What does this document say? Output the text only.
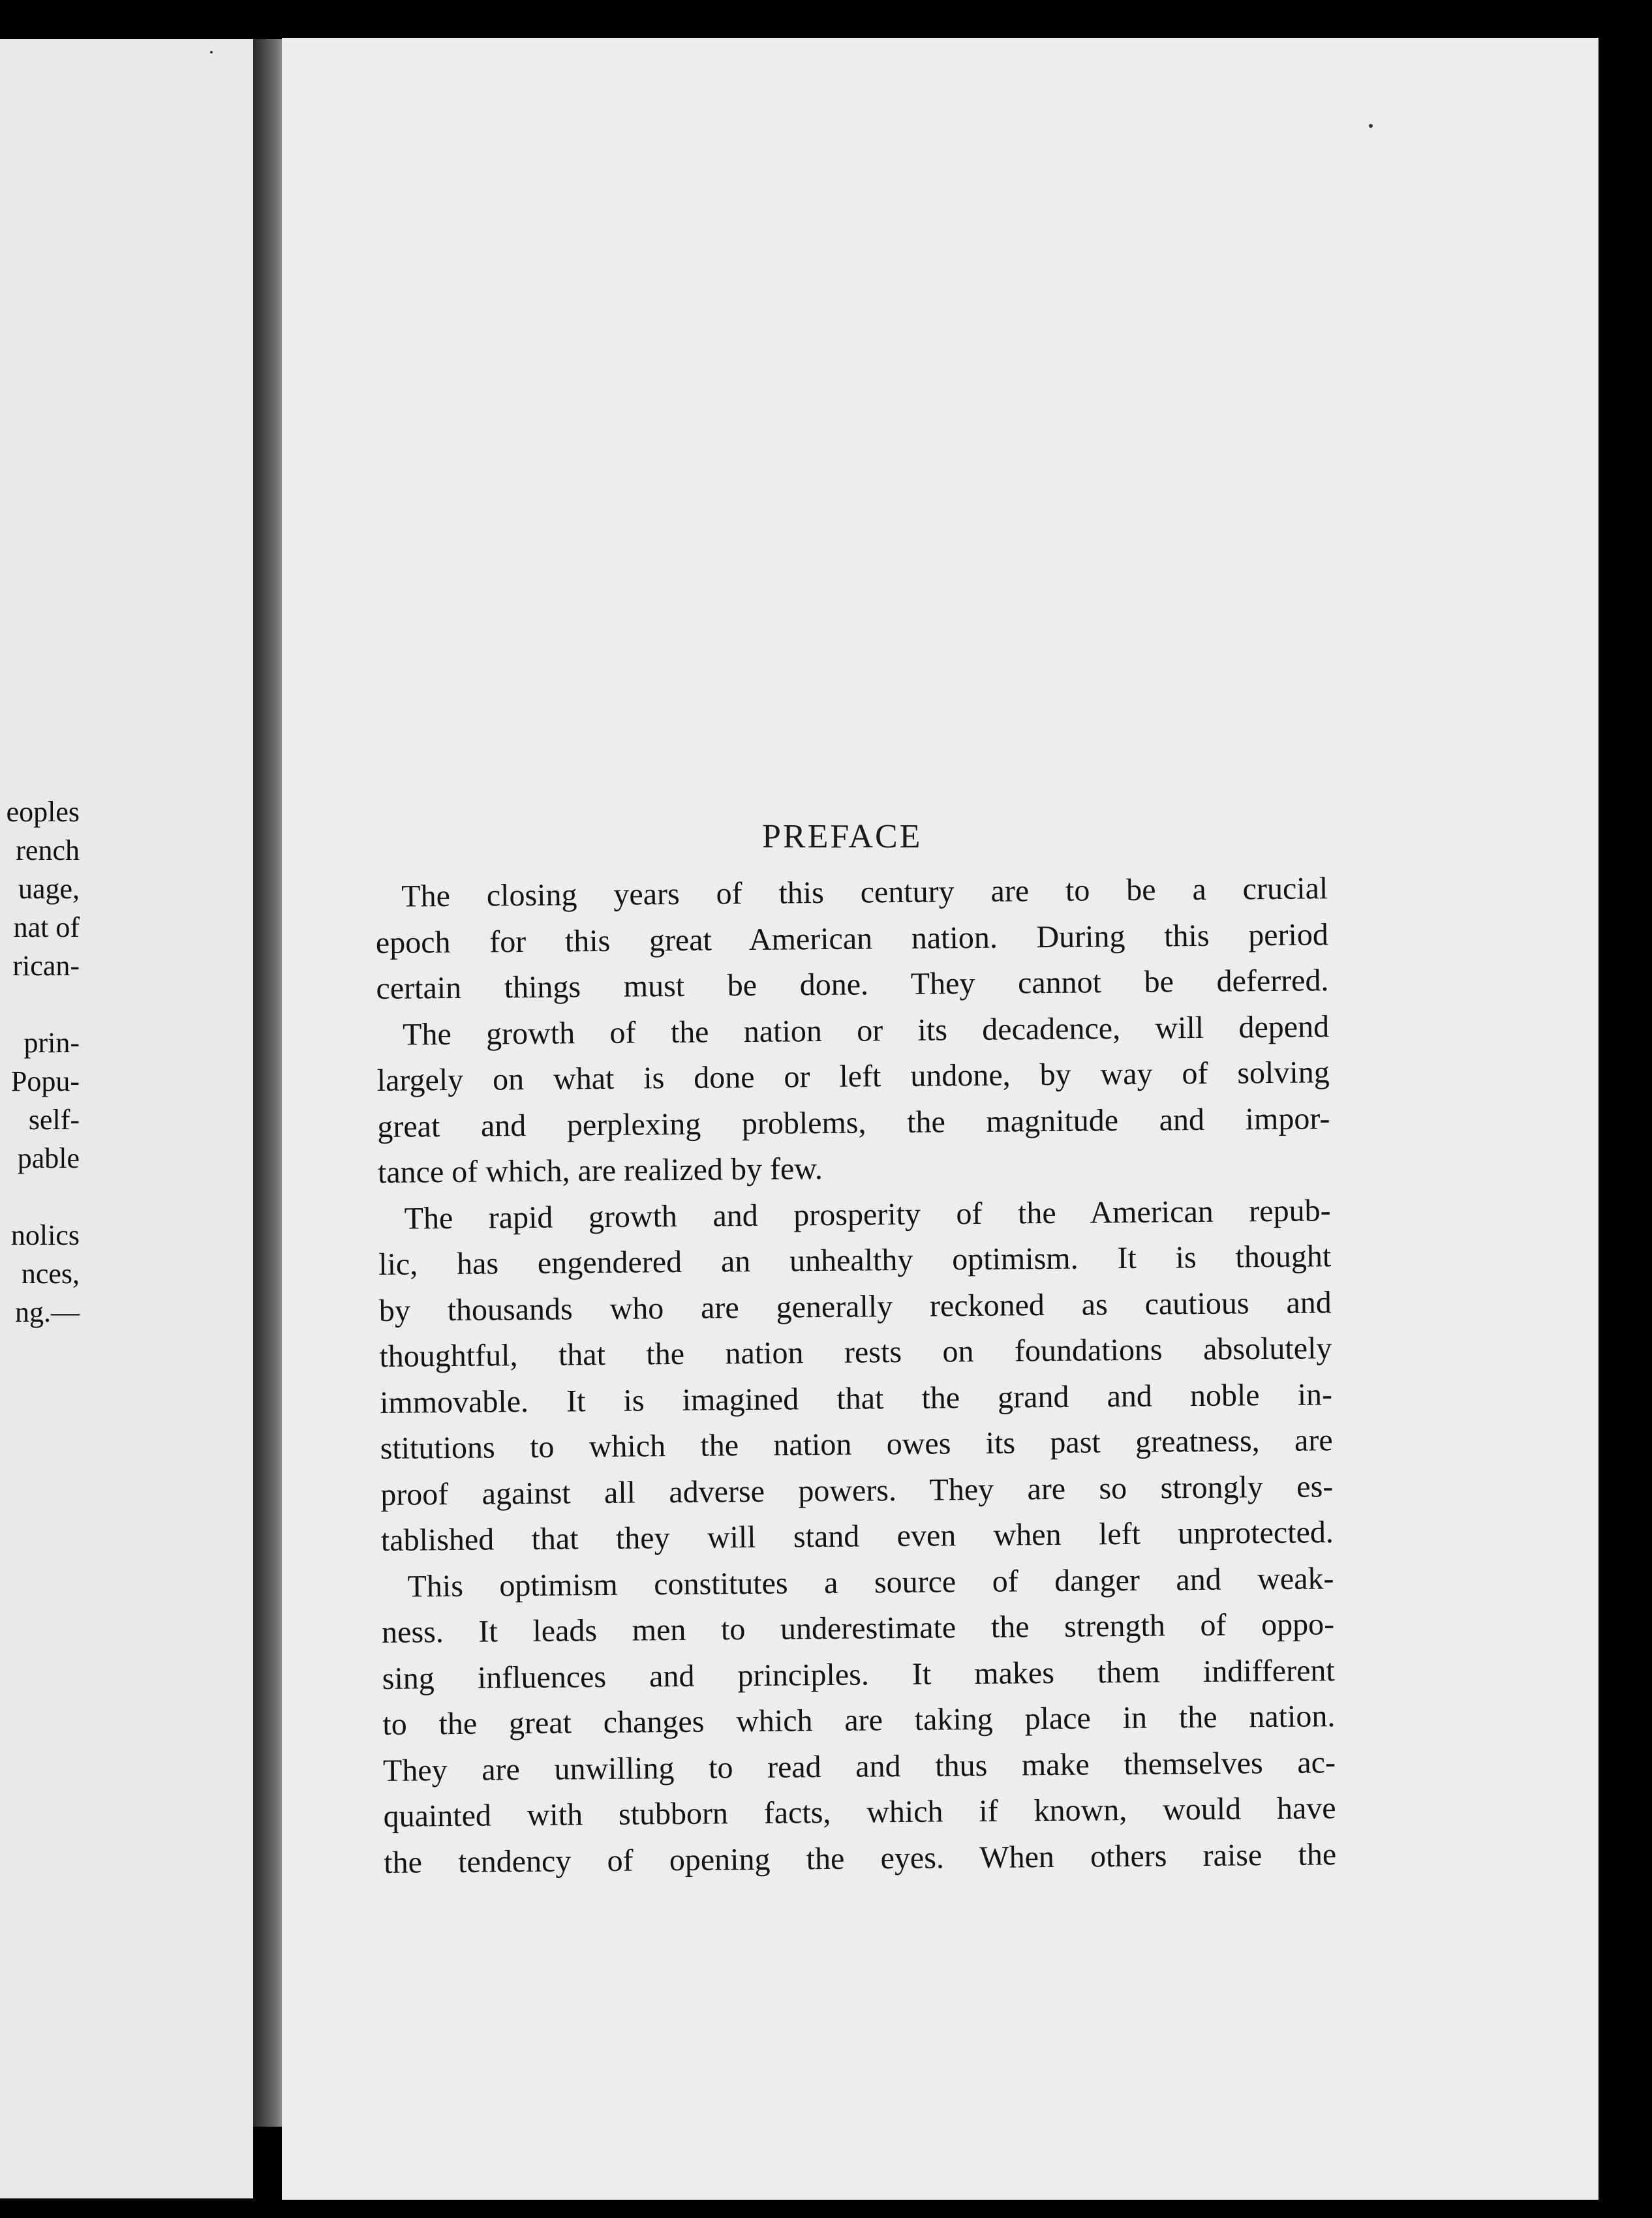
eoples
rench
uage,
nat of
rican-
prin-
Popu-
self-
pable
nolics
nces,
ng.—
PREFACE
The closing years of this century are to be a crucial
epoch for this great American nation. During this period
certain things must be done. They cannot be deferred.
The growth of the nation or its decadence, will depend
largely on what is done or left undone, by way of solving
great and perplexing problems, the magnitude and impor-
tance of which, are realized by few.
The rapid growth and prosperity of the American repub-
lic, has engendered an unhealthy optimism. It is thought
by thousands who are generally reckoned as cautious and
thoughtful, that the nation rests on foundations absolutely
immovable. It is imagined that the grand and noble in-
stitutions to which the nation owes its past greatness, are
proof against all adverse powers. They are so strongly es-
tablished that they will stand even when left unprotected.
This optimism constitutes a source of danger and weak-
ness. It leads men to underestimate the strength of oppo-
sing influences and principles. It makes them indifferent
to the great changes which are taking place in the nation.
They are unwilling to read and thus make themselves ac-
quainted with stubborn facts, which if known, would have
the tendency of opening the eyes. When others raise the
